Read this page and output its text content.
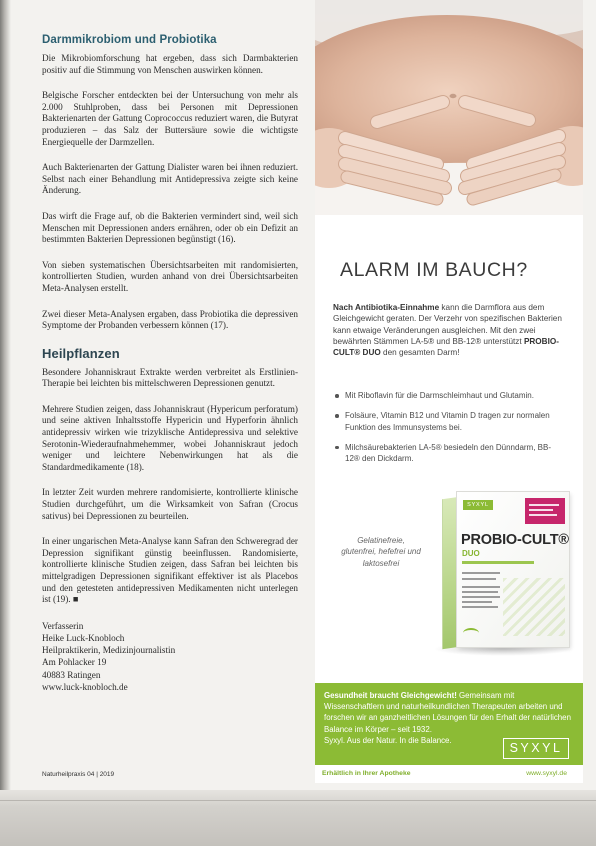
Darmmikrobiom und Probiotika

Die Mikrobiomforschung hat ergeben, dass sich Darmbakterien positiv auf die Stimmung von Menschen auswirken können.

Belgische Forscher entdeckten bei der Untersuchung von mehr als 2.000 Stuhlproben, dass bei Personen mit Depressionen Bakterienarten der Gattung Coprococcus reduziert waren, die Butyrat produzieren – das Salz der Buttersäure sowie die wichtigste Energiequelle der Darmzellen.

Auch Bakterienarten der Gattung Dialister waren bei ihnen reduziert. Selbst nach einer Behandlung mit Antidepressiva zeigte sich keine Änderung.

Das wirft die Frage auf, ob die Bakterien vermindert sind, weil sich Menschen mit Depressionen anders ernähren, oder ob ein Defizit an bestimmten Bakterien Depressionen begünstigt (16).

Von sieben systematischen Übersichtsarbeiten mit randomisierten, kontrollierten Studien, wurden anhand von drei Übersichtsarbeiten Meta-Analysen erstellt.

Zwei dieser Meta-Analysen ergaben, dass Probiotika die depressiven Symptome der Probanden verbessern können (17).

Heilpflanzen

Besondere Johanniskraut Extrakte werden verbreitet als Erstlinien-Therapie bei leichten bis mittelschweren Depressionen genutzt.

Mehrere Studien zeigen, dass Johanniskraut (Hypericum perforatum) und seine aktiven Inhaltsstoffe Hypericin und Hyperforin ähnlich antidepressiv wirken wie trizyklische Antidepressiva und selektive Serotonin-Wiederaufnahmehemmer, wobei Johanniskraut jedoch weniger und leichtere Nebenwirkungen hat als die Standardmedikamente (18).

In letzter Zeit wurden mehrere randomisierte, kontrollierte klinische Studien durchgeführt, um die Wirksamkeit von Safran (Crocus sativus) bei Depressionen zu beurteilen.

In einer ungarischen Meta-Analyse kann Safran den Schweregrad der Depression signifikant günstig beeinflussen. Randomisierte, kontrollierte klinische Studien zeigen, dass Safran bei leichten bis mittelgradigen Depressionen signifikant effektiver ist als Placebos und den getesteten antidepressiven Medikamenten nicht unterlegen ist (19). ■

Verfasserin
Heike Luck-Knobloch
Heilpraktikerin, Medizinjournalistin
Am Pohlacker 19
40883 Ratingen
www.luck-knobloch.de
Naturheilpraxis 04 | 2019
ALARM IM BAUCH?

Nach Antibiotika-Einnahme kann die Darmflora aus dem Gleichgewicht geraten. Der Verzehr von spezifischen Bakterien kann etwaige Veränderungen ausgleichen. Mit den zwei bewährten Stämmen LA-5® und BB-12® unterstützt PROBIO-CULT® DUO den gesamten Darm!

Mit Riboflavin für die Darmschleimhaut und Glutamin.
Folsäure, Vitamin B12 und Vitamin D tragen zur normalen Funktion des Immunsystems bei.
Milchsäurebakterien LA-5® besiedeln den Dünndarm, BB-12® den Dickdarm.
Gelatinefreie, glutenfrei, hefefrei und laktosefrei
SYXYL
PROBIO-CULT®
DUO
Gesundheit braucht Gleichgewicht! Gemeinsam mit Wissenschaftlern und naturheilkundlichen Therapeuten arbeiten und forschen wir an ganzheitlichen Lösungen für den Erhalt der natürlichen Balance im Körper – seit 1932.
Syxyl. Aus der Natur. In die Balance.
SYXYL
Erhältlich in Ihrer Apotheke	www.syxyl.de
